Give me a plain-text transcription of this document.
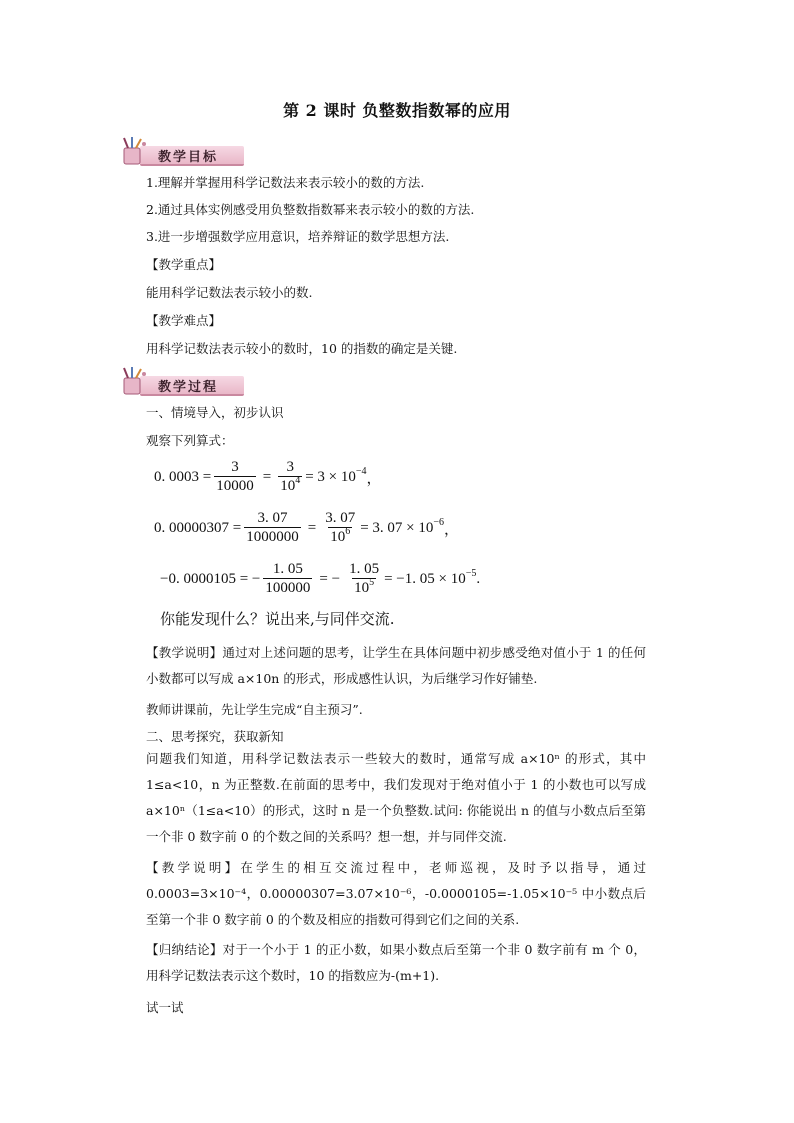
第 2 课时 负整数指数幂的应用
教学目标
1.理解并掌握用科学记数法来表示较小的数的方法.
2.通过具体实例感受用负整数指数幂来表示较小的数的方法.
3.进一步增强数学应用意识，培养辩证的数学思想方法.
【教学重点】
能用科学记数法表示较小的数.
【教学难点】
用科学记数法表示较小的数时，10 的指数的确定是关键.
教学过程
一、情境导入，初步认识
观察下列算式：
0. $0003 = \frac{3}{10000} = \frac{3}{10^4} = 3 \times 10^{-4}$ ，
0. $00000307 = \frac{3. 07}{1000000} = \frac{3. 07}{10^6} = 3$. $07 \times 10^{-6}$ ，
−0. 0000105 = − $\frac{1. 05}{100000}$ = − $\frac{1. 05}{10^5} = -1$. $05 \times 10^{-5}$ .
你能发现什么？说出来,与同伴交流.
【教学说明】通过对上述问题的思考，让学生在具体问题中初步感受绝对值小于 1 的任何小数都可以写成 a×10n 的形式，形成感性认识，为后继学习作好铺垫.
教师讲课前，先让学生完成“自主预习”.
二、思考探究，获取新知
问题我们知道，用科学记数法表示一些较大的数时，通常写成 a×10ⁿ 的形式，其中 1≤a<10，n 为正整数.在前面的思考中，我们发现对于绝对值小于 1 的小数也可以写成 a×10ⁿ（1≤a<10）的形式，这时 n 是一个负整数.试问: 你能说出 n 的值与小数点后至第一个非 0 数字前 0 的个数之间的关系吗？想一想，并与同伴交流.
【教学说明】在学生的相互交流过程中，老师巡视，及时予以指导，通过 0.0003=3×10⁻⁴，0.00000307=3.07×10⁻⁶，-0.0000105=-1.05×10⁻⁵ 中小数点后至第一个非 0 数字前 0 的个数及相应的指数可得到它们之间的关系.
【归纳结论】对于一个小于 1 的正小数，如果小数点后至第一个非 0 数字前有 m 个 0，用科学记数法表示这个数时，10 的指数应为-(m+1).
试一试
